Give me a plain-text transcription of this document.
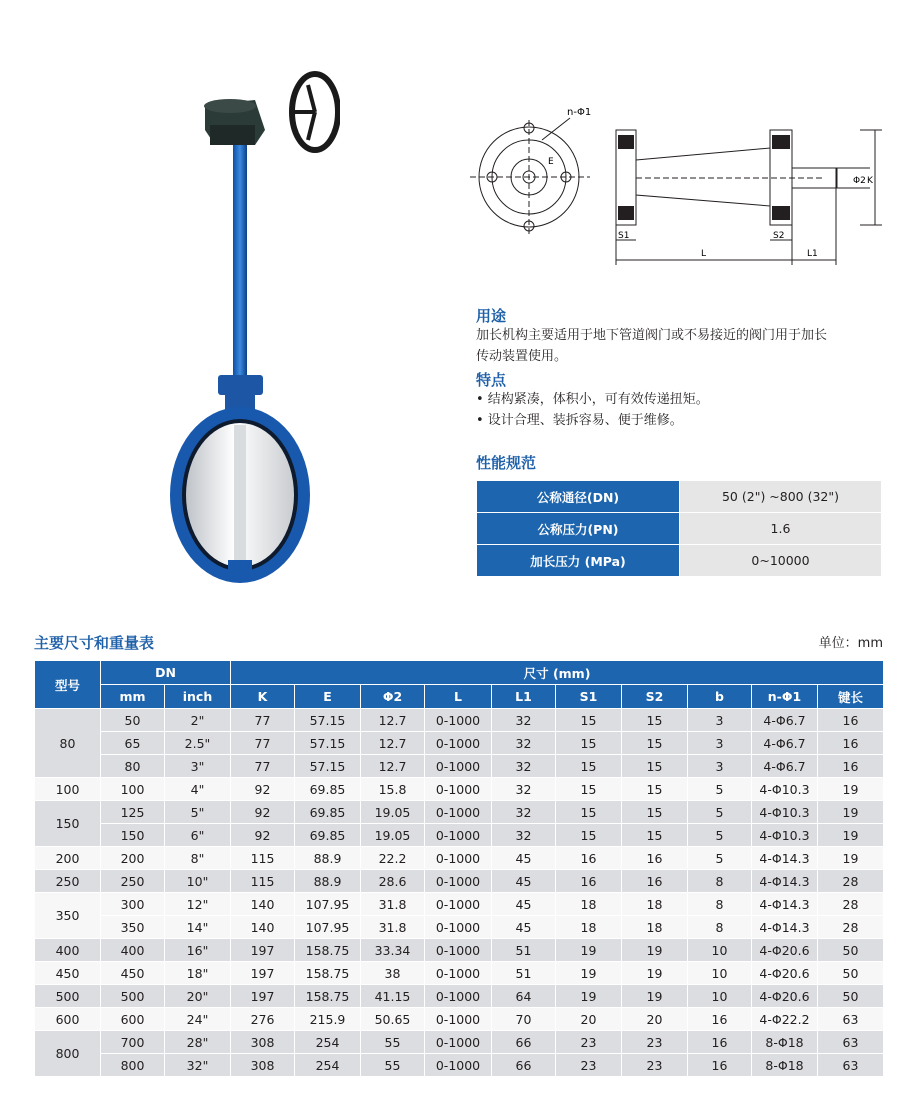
n-Φ1
E
Φ2 K
S1	S2
L	L1
用途
加长机构主要适用于地下管道阀门或不易接近的阀门用于加长
传动装置使用。
特点
• 结构紧凑，体积小，可有效传递扭矩。
• 设计合理、装拆容易、便于维修。
性能规范
公称通径(DN)	50 (2") ~800 (32")
公称压力(PN)	1.6
加长压力 (MPa)	0~10000
主要尺寸和重量表	单位：mm
型号	DN		尺寸 (mm)									
	mm	inch	K	E	Φ2	L	L1	S1	S2	b	n-Φ1	键长
80	50	2"	77	57.15	12.7	0-1000	32	15	15	3	4-Φ6.7	16
	65	2.5"	77	57.15	12.7	0-1000	32	15	15	3	4-Φ6.7	16
	80	3"	77	57.15	12.7	0-1000	32	15	15	3	4-Φ6.7	16
100	100	4"	92	69.85	15.8	0-1000	32	15	15	5	4-Φ10.3	19
150	125	5"	92	69.85	19.05	0-1000	32	15	15	5	4-Φ10.3	19
	150	6"	92	69.85	19.05	0-1000	32	15	15	5	4-Φ10.3	19
200	200	8"	115	88.9	22.2	0-1000	45	16	16	5	4-Φ14.3	19
250	250	10"	115	88.9	28.6	0-1000	45	16	16	8	4-Φ14.3	28
350	300	12"	140	107.95	31.8	0-1000	45	18	18	8	4-Φ14.3	28
	350	14"	140	107.95	31.8	0-1000	45	18	18	8	4-Φ14.3	28
400	400	16"	197	158.75	33.34	0-1000	51	19	19	10	4-Φ20.6	50
450	450	18"	197	158.75	38	0-1000	51	19	19	10	4-Φ20.6	50
500	500	20"	197	158.75	41.15	0-1000	64	19	19	10	4-Φ20.6	50
600	600	24"	276	215.9	50.65	0-1000	70	20	20	16	4-Φ22.2	63
800	700	28"	308	254	55	0-1000	66	23	23	16	8-Φ18	63
	800	32"	308	254	55	0-1000	66	23	23	16	8-Φ18	63
